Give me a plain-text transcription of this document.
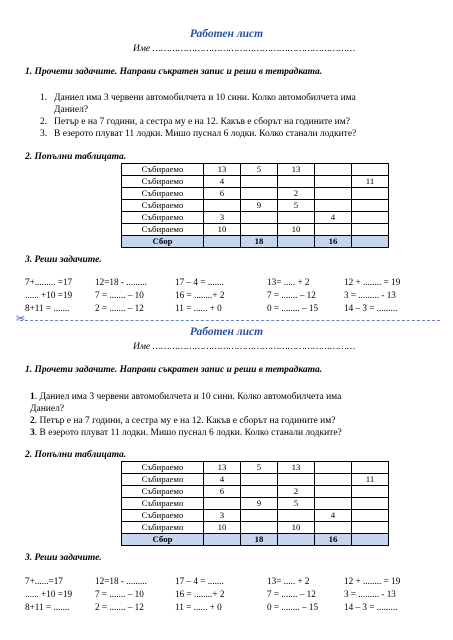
Работен лист
Име ………………………………………………………………
1. Прочети задачите. Направи съкратен запис и реши в тетрадката.
1. Даниел има 3 червени автомобилчета и 10 сини. Колко автомобилчета има
Даниел?
2. Петър е на 7 години, а сестра му е на 12. Какъв е сборът на годините им?
3. В езерото плуват 11 лодки. Мишо пуснал 6 лодки. Колко станали лодките?
2. Попълни таблицата.
Събираемо	13	5	13		
Събираемо	4				11
Събираемо	6		2		
Събираемо		9	5		
Събираемо	3			4	
Събираемо	10		10		
Сбор		18		16	
3. Реши задачите.
7+......... =17	12=18 - .........	17 – 4 = .......	13= ..... + 2	12 + ........ = 19
...... +10 =19	7 = ....... – 10	16 = ........+ 2	7 = ....... – 12	3 = ......... - 13
8+11 = .......	2 = ....... – 12	11 = ...... + 0	0 = ........ – 15	14 – 3 = .........
✂
Работен лист
Име ………………………………………………………………
1. Прочети задачите. Направи съкратен запис и реши в тетрадката.
1. Даниел има 3 червени автомобилчета и 10 сини. Колко автомобилчета има
Даниел?
2. Петър е на 7 години, а сестра му е на 12. Какъв е сборът на годините им?
3. В езерото плуват 11 лодки. Мишо пуснал 6 лодки. Колко станали лодките?
2. Попълни таблицата.
Събираемо	13	5	13		
Събираемо	4				11
Събираемо	6		2		
Събираемо		9	5		
Събираемо	3			4	
Събираемо	10		10		
Сбор		18		16	
3. Реши задачите.
7+......=17	12=18 - .........	17 – 4 = .......	13= ..... + 2	12 + ........ = 19
...... +10 =19	7 = ....... – 10	16 = ........+ 2	7 = ....... – 12	3 = ......... - 13
8+11 = .......	2 = ....... – 12	11 = ...... + 0	0 = ........ – 15	14 – 3 = .........
